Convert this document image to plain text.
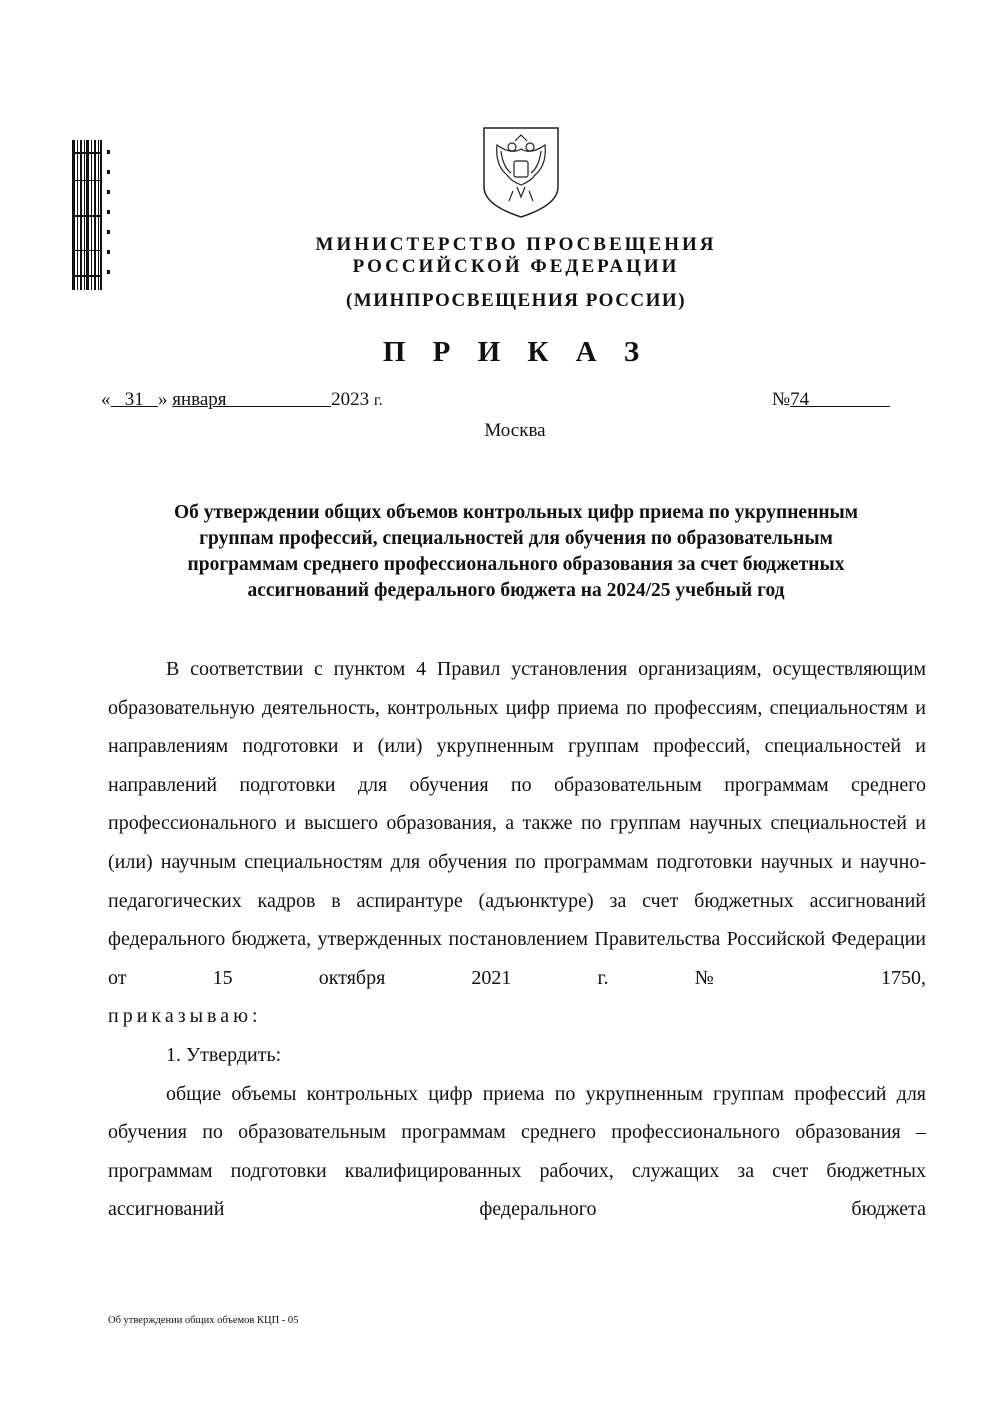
МИНИСТЕРСТВО ПРОСВЕЩЕНИЯ
РОССИЙСКОЙ ФЕДЕРАЦИИ
(МИНПРОСВЕЩЕНИЯ РОССИИ)
П Р И К А З
« 31 » января	2023 г.	№74
Москва
Об утверждении общих объемов контрольных цифр приема по укрупненным
группам профессий, специальностей для обучения по образовательным
программам среднего профессионального образования за счет бюджетных
ассигнований федерального бюджета на 2024/25 учебный год

В соответствии с пунктом 4 Правил установления организациям, осуществляющим образовательную деятельность, контрольных цифр приема по профессиям, специальностям и направлениям подготовки и (или) укрупненным группам профессий, специальностей и направлений подготовки для обучения по образовательным программам среднего профессионального и высшего образования, а также по группам научных специальностей и (или) научным специальностям для обучения по программам подготовки научных и научно-педагогических кадров в аспирантуре (адъюнктуре) за счет бюджетных ассигнований федерального бюджета, утвержденных постановлением Правительства Российской Федерации от 15 октября 2021 г. № 1750,

приказываю:

1. Утвердить:

общие объемы контрольных цифр приема по укрупненным группам профессий для обучения по образовательным программам среднего профессионального образования – программам подготовки квалифицированных рабочих, служащих за счет бюджетных ассигнований федерального бюджета

Об утверждении общих объемов КЦП - 05
